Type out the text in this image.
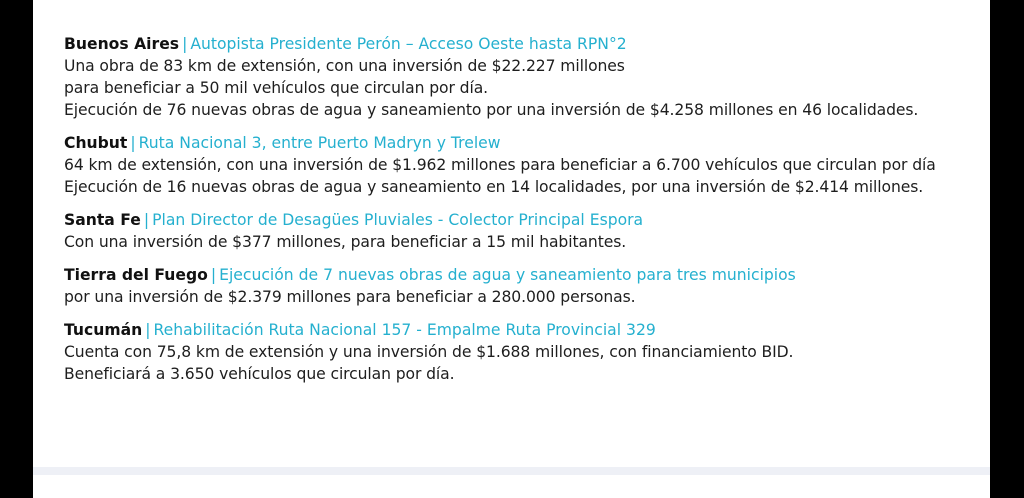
Buenos Aires | Autopista Presidente Perón – Acceso Oeste hasta RPN°2
Una obra de 83 km de extensión, con una inversión de $22.227 millones
para beneficiar a 50 mil vehículos que circulan por día.
Ejecución de 76 nuevas obras de agua y saneamiento por una inversión de $4.258 millones en 46 localidades.
Chubut | Ruta Nacional 3, entre Puerto Madryn y Trelew
64 km de extensión, con una inversión de $1.962 millones para beneficiar a 6.700 vehículos que circulan por día
Ejecución de 16 nuevas obras de agua y saneamiento en 14 localidades, por una inversión de $2.414 millones.
Santa Fe | Plan Director de Desagües Pluviales - Colector Principal Espora
Con una inversión de $377 millones, para beneficiar a 15 mil habitantes.
Tierra del Fuego | Ejecución de 7 nuevas obras de agua y saneamiento para tres municipios
por una inversión de $2.379 millones para beneficiar a 280.000 personas.
Tucumán | Rehabilitación Ruta Nacional 157 - Empalme Ruta Provincial 329
Cuenta con 75,8 km de extensión y una inversión de $1.688 millones, con financiamiento BID.
Beneficiará a 3.650 vehículos que circulan por día.
